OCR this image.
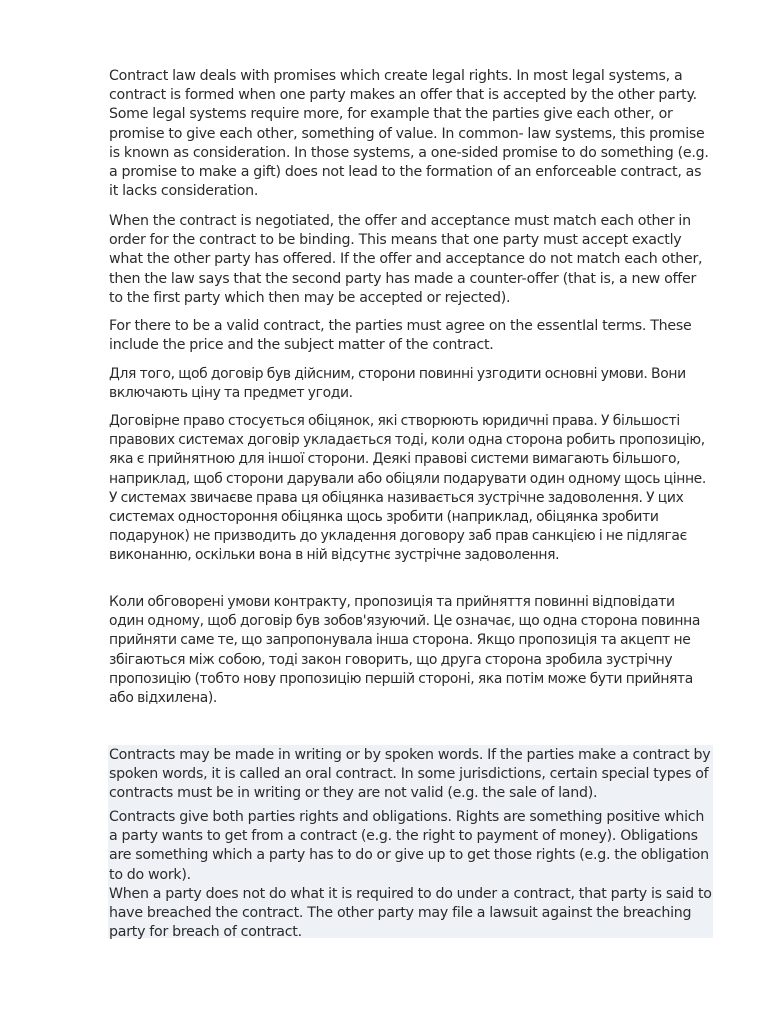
Contract law deals with promises which create legal rights. In most legal systems, a contract is formed when one party makes an offer that is accepted by the other party. Some legal systems require more, for example that the parties give each other, or promise to give each other, something of value. In common- law systems, this promise is known as consideration. In those systems, a one-sided promise to do something (e.g. a promise to make a gift) does not lead to the formation of an enforceable contract, as it lacks consideration.

When the contract is negotiated, the offer and acceptance must match each other in order for the contract to be binding. This means that one party must accept exactly what the other party has offered. If the offer and acceptance do not match each other, then the law says that the second party has made a counter-offer (that is, a new offer to the first party which then may be accepted or rejected).

For there to be a valid contract, the parties must agree on the essentIal terms. These include the price and the subject matter of the contract.

Для того, щоб договір був дійсним, сторони повинні узгодити основні умови. Вони включають ціну та предмет угоди.

Договірне право стосується обіцянок, які створюють юридичні права. У більшості правових системах договір укладається тоді, коли одна сторона робить пропозицію, яка є прийнятною для іншої сторони. Деякі правові системи вимагають більшого, наприклад, щоб сторони дарували або обіцяли подарувати один одному щось цінне. У системах звичаєве права ця обіцянка називається зустрічне задоволення. У цих системах одностороння обіцянка щось зробити (наприклад, обіцянка зробити подарунок) не призводить до укладення договору заб прав санкцією і не підлягає виконанню, оскільки вона в ній відсутнє зустрічне задоволення.

Коли обговорені умови контракту, пропозиція та прийняття повинні відповідати один одному, щоб договір був зобов'язуючий. Це означає, що одна сторона повинна прийняти саме те, що запропонувала інша сторона. Якщо пропозиція та акцепт не збігаються між собою, тоді закон говорить, що друга сторона зробила зустрічну пропозицію (тобто нову пропозицію першій стороні, яка потім може бути прийнята або відхилена).

Contracts may be made in writing or by spoken words. If the parties make a contract by spoken words, it is called an oral contract. In some jurisdictions, certain special types of contracts must be in writing or they are not valid (e.g. the sale of land).

Contracts give both parties rights and obligations. Rights are something positive which a party wants to get from a contract (e.g. the right to payment of money). Obligations are something which a party has to do or give up to get those rights (e.g. the obligation to do work).

When a party does not do what it is required to do under a contract, that party is said to have breached the contract. The other party may file a lawsuit against the breaching party for breach of contract.
